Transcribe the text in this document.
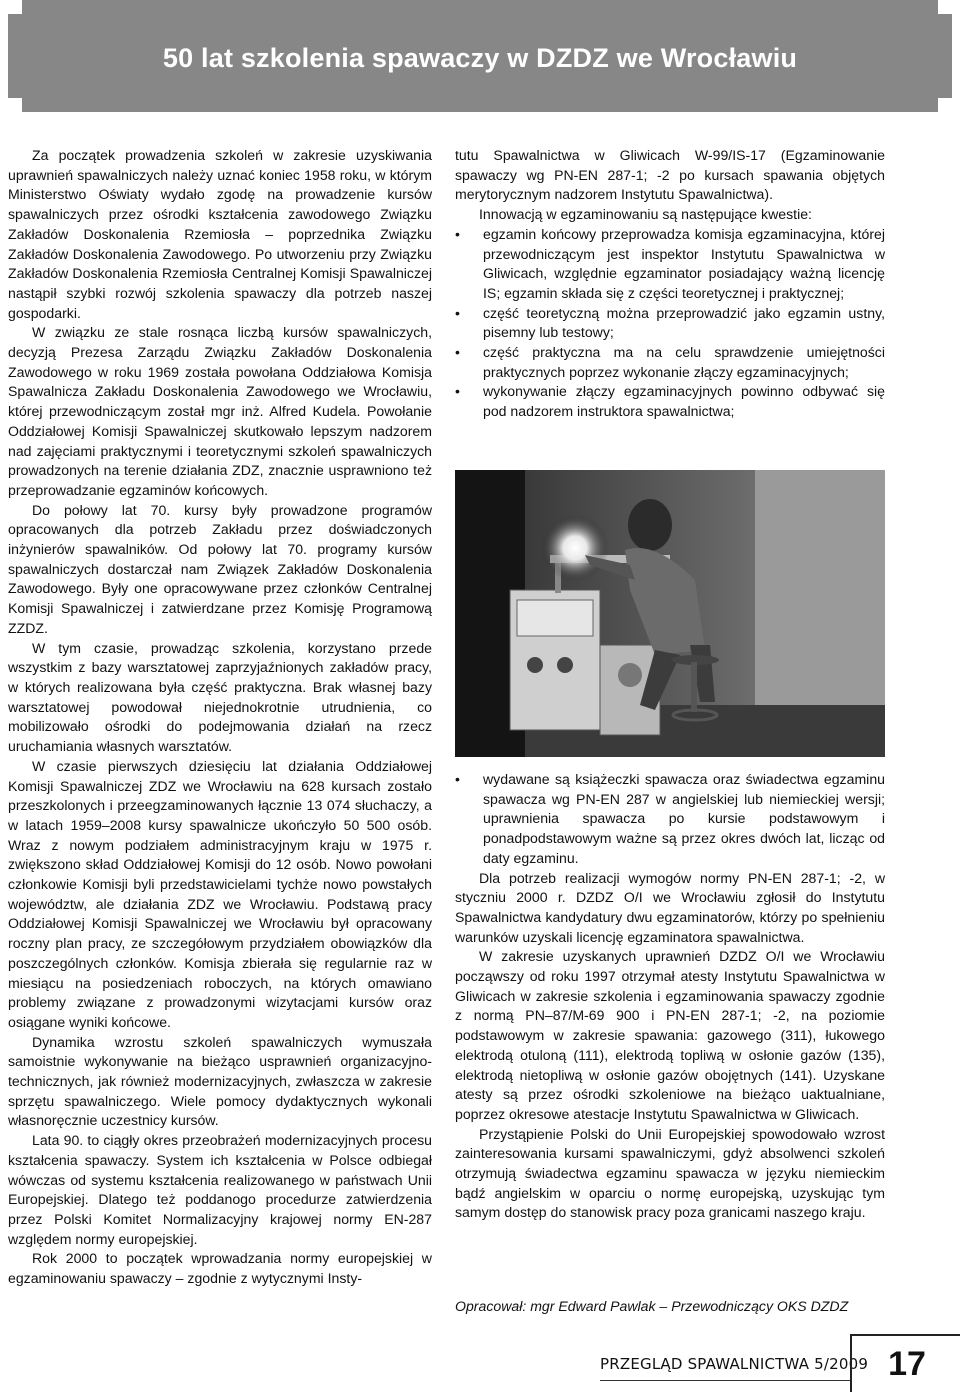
50 lat szkolenia spawaczy w DZDZ we Wrocławiu

Za początek prowadzenia szkoleń w zakresie uzyskiwania uprawnień spawalniczych należy uznać koniec 1958 roku, w którym Ministerstwo Oświaty wydało zgodę na prowadzenie kursów spawalniczych przez ośrodki kształcenia zawodowego Związku Zakładów Doskonalenia Rzemiosła – poprzednika Związku Zakładów Doskonalenia Zawodowego. Po utworzeniu przy Związku Zakładów Doskonalenia Rzemiosła Centralnej Komisji Spawalniczej nastąpił szybki rozwój szkolenia spawaczy dla potrzeb naszej gospodarki.

W związku ze stale rosnąca liczbą kursów spawalniczych, decyzją Prezesa Zarządu Związku Zakładów Doskonalenia Zawodowego w roku 1969 została powołana Oddziałowa Komisja Spawalnicza Zakładu Doskonalenia Zawodowego we Wrocławiu, której przewodniczącym został mgr inż. Alfred Kudela. Powołanie Oddziałowej Komisji Spawalniczej skutkowało lepszym nadzorem nad zajęciami praktycznymi i teoretycznymi szkoleń spawalniczych prowadzonych na terenie działania ZDZ, znacznie usprawniono też przeprowadzanie egzaminów końcowych.

Do połowy lat 70. kursy były prowadzone programów opracowanych dla potrzeb Zakładu przez doświadczonych inżynierów spawalników. Od połowy lat 70. programy kursów spawalniczych dostarczał nam Związek Zakładów Doskonalenia Zawodowego. Były one opracowywane przez członków Centralnej Komisji Spawalniczej i zatwierdzane przez Komisję Programową ZZDZ.

W tym czasie, prowadząc szkolenia, korzystano przede wszystkim z bazy warsztatowej zaprzyjaźnionych zakładów pracy, w których realizowana była część praktyczna. Brak własnej bazy warsztatowej powodował niejednokrotnie utrudnienia, co mobilizowało ośrodki do podejmowania działań na rzecz uruchamiania własnych warsztatów.

W czasie pierwszych dziesięciu lat działania Oddziałowej Komisji Spawalniczej ZDZ we Wrocławiu na 628 kursach zostało przeszkolonych i przeegzaminowanych łącznie 13 074 słuchaczy, a w latach 1959–2008 kursy spawalnicze ukończyło 50 500 osób. Wraz z nowym podziałem administracyjnym kraju w 1975 r. zwiększono skład Oddziałowej Komisji do 12 osób. Nowo powołani członkowie Komisji byli przedstawicielami tychże nowo powstałych województw, ale działania ZDZ we Wrocławiu. Podstawą pracy Oddziałowej Komisji Spawalniczej we Wrocławiu był opracowany roczny plan pracy, ze szczegółowym przydziałem obowiązków dla poszczególnych członków. Komisja zbierała się regularnie raz w miesiącu na posiedzeniach roboczych, na których omawiano problemy związane z prowadzonymi wizytacjami kursów oraz osiągane wyniki końcowe.

Dynamika wzrostu szkoleń spawalniczych wymuszała samoistnie wykonywanie na bieżąco usprawnień organizacyjno-technicznych, jak również modernizacyjnych, zwłaszcza w zakresie sprzętu spawalniczego. Wiele pomocy dydaktycznych wykonali własnoręcznie uczestnicy kursów.

Lata 90. to ciągły okres przeobrażeń modernizacyjnych procesu kształcenia spawaczy. System ich kształcenia w Polsce odbiegał wówczas od systemu kształcenia realizowanego w państwach Unii Europejskiej. Dlatego też poddanogo procedurze zatwierdzenia przez Polski Komitet Normalizacyjny krajowej normy EN-287 względem normy europejskiej.

Rok 2000 to początek wprowadzania normy europejskiej w egzaminowaniu spawaczy – zgodnie z wytycznymi Insty-

tutu Spawalnictwa w Gliwicach W-99/IS-17 (Egzaminowanie spawaczy wg PN-EN 287-1; -2 po kursach spawania objętych merytorycznym nadzorem Instytutu Spawalnictwa).

Innowacją w egzaminowaniu są następujące kwestie:

• egzamin końcowy przeprowadza komisja egzaminacyjna, której przewodniczącym jest inspektor Instytutu Spawalnictwa w Gliwicach, względnie egzaminator posiadający ważną licencję IS; egzamin składa się z części teoretycznej i praktycznej;
• część teoretyczną można przeprowadzić jako egzamin ustny, pisemny lub testowy;
• część praktyczna ma na celu sprawdzenie umiejętności praktycznych poprzez wykonanie złączy egzaminacyjnych;
• wykonywanie złączy egzaminacyjnych powinno odbywać się pod nadzorem instruktora spawalnictwa;
• wydawane są książeczki spawacza oraz świadectwa egzaminu spawacza wg PN-EN 287 w angielskiej lub niemieckiej wersji; uprawnienia spawacza po kursie podstawowym i ponadpodstawowym ważne są przez okres dwóch lat, licząc od daty egzaminu.

Dla potrzeb realizacji wymogów normy PN-EN 287-1; -2, w styczniu 2000 r. DZDZ O/I we Wrocławiu zgłosił do Instytutu Spawalnictwa kandydatury dwu egzaminatorów, którzy po spełnieniu warunków uzyskali licencję egzaminatora spawalnictwa.

W zakresie uzyskanych uprawnień DZDZ O/I we Wrocławiu począwszy od roku 1997 otrzymał atesty Instytutu Spawalnictwa w Gliwicach w zakresie szkolenia i egzaminowania spawaczy zgodnie z normą PN–87/M-69 900 i PN-EN 287-1; -2, na poziomie podstawowym w zakresie spawania: gazowego (311), łukowego elektrodą otuloną (111), elektrodą topliwą w osłonie gazów (135), elektrodą nietopliwą w osłonie gazów obojętnych (141). Uzyskane atesty są przez ośrodki szkoleniowe na bieżąco uaktualniane, poprzez okresowe atestacje Instytutu Spawalnictwa w Gliwicach.

Przystąpienie Polski do Unii Europejskiej spowodowało wzrost zainteresowania kursami spawalniczymi, gdyż absolwenci szkoleń otrzymują świadectwa egzaminu spawacza w języku niemieckim bądź angielskim w oparciu o normę europejską, uzyskując tym samym dostęp do stanowisk pracy poza granicami naszego kraju.

Opracował: mgr Edward Pawlak – Przewodniczący OKS DZDZ
PRZEGLĄD SPAWALNICTWA 5/2009 17
